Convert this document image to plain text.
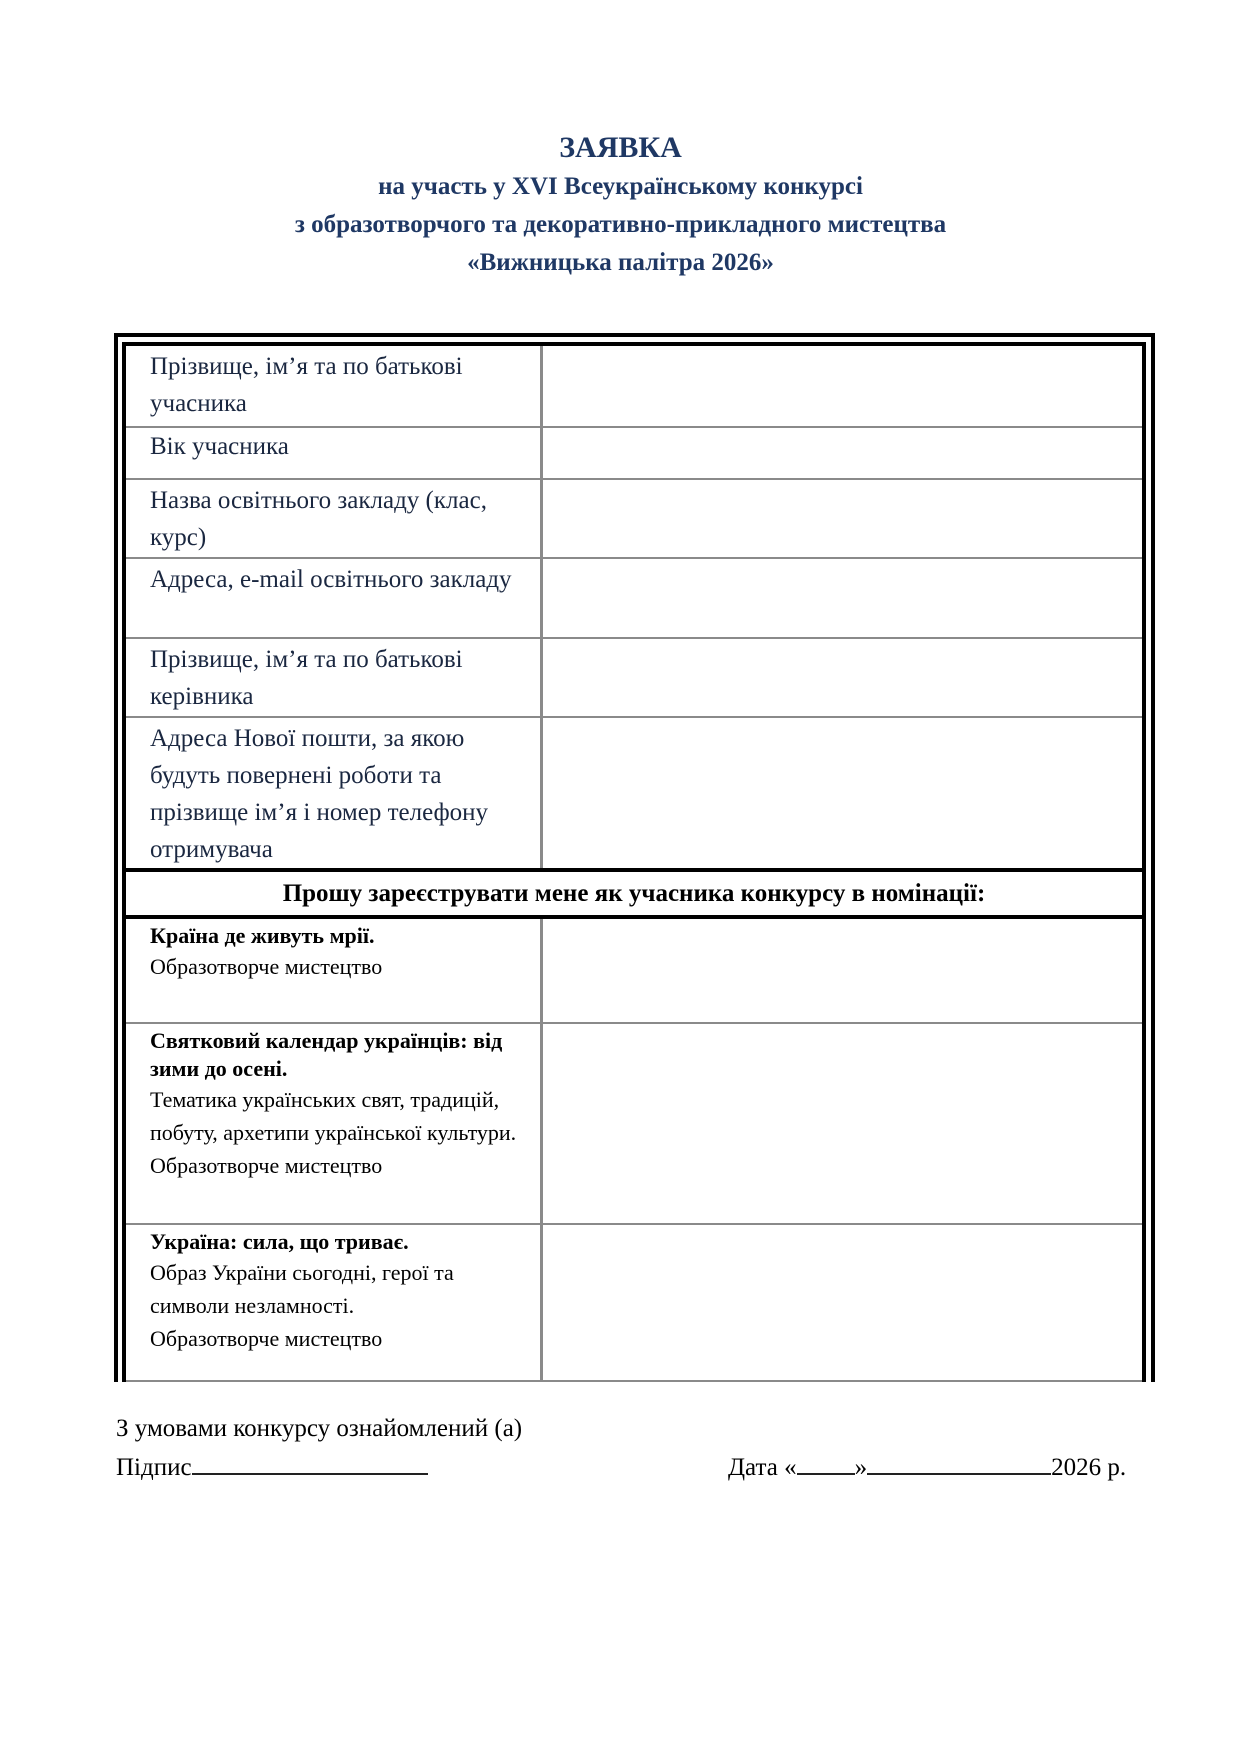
ЗАЯВКА
на участь у XVI Всеукраїнському конкурсі
з образотворчого та декоративно-прикладного мистецтва
«Вижницька палітра 2026»
Прізвище, ім’я та по батькові учасника
Вік учасника
Назва освітнього закладу (клас, курс)
Адреса, e-mail освітнього закладу
Прізвище, ім’я та по батькові керівника
Адреса Нової пошти, за якою будуть повернені роботи та прізвище ім’я і номер телефону отримувача
Прошу зареєструвати мене як учасника конкурсу в номінації:
Країна де живуть мрії.
Образотворче мистецтво
Святковий календар українців: від зими до осені.
Тематика українських свят, традицій, побуту, архетипи української культури.
Образотворче мистецтво
Україна: сила, що триває.
Образ України сьогодні, герої та символи незламності.
Образотворче мистецтво
З умовами конкурсу ознайомлений (а)
Підпис	Дата « »	2026 р.
